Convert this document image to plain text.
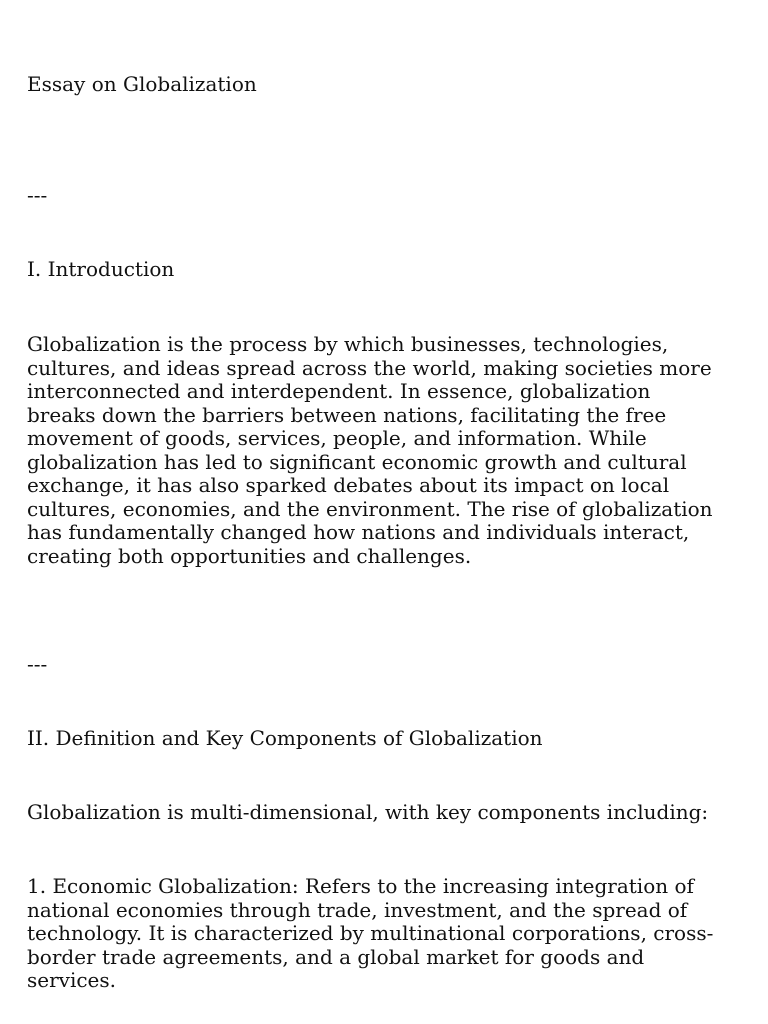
Essay on Globalization

---

I. Introduction

Globalization is the process by which businesses, technologies,
cultures, and ideas spread across the world, making societies more
interconnected and interdependent. In essence, globalization
breaks down the barriers between nations, facilitating the free
movement of goods, services, people, and information. While
globalization has led to significant economic growth and cultural
exchange, it has also sparked debates about its impact on local
cultures, economies, and the environment. The rise of globalization
has fundamentally changed how nations and individuals interact,
creating both opportunities and challenges.

---

II. Definition and Key Components of Globalization

Globalization is multi-dimensional, with key components including:

1. Economic Globalization: Refers to the increasing integration of
national economies through trade, investment, and the spread of
technology. It is characterized by multinational corporations, cross-
border trade agreements, and a global market for goods and
services.
